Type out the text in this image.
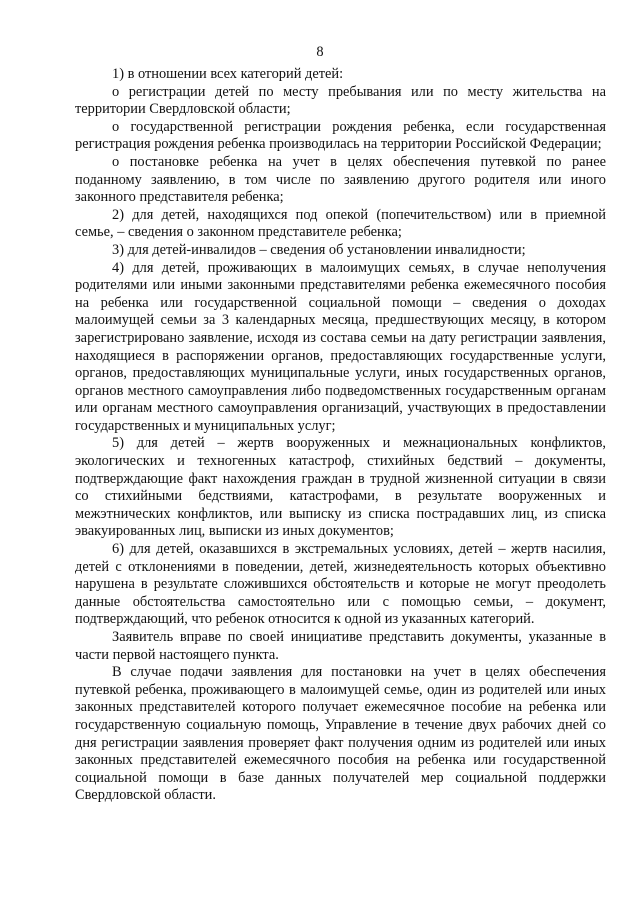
8

1) в отношении всех категорий детей:

о регистрации детей по месту пребывания или по месту жительства на территории Свердловской области;

о государственной регистрации рождения ребенка, если государственная регистрация рождения ребенка производилась на территории Российской Федерации;

о постановке ребенка на учет в целях обеспечения путевкой по ранее поданному заявлению, в том числе по заявлению другого родителя или иного законного представителя ребенка;

2) для детей, находящихся под опекой (попечительством) или в приемной семье, – сведения о законном представителе ребенка;

3) для детей-инвалидов – сведения об установлении инвалидности;

4) для детей, проживающих в малоимущих семьях, в случае неполучения родителями или иными законными представителями ребенка ежемесячного пособия на ребенка или государственной социальной помощи – сведения о доходах малоимущей семьи за 3 календарных месяца, предшествующих месяцу, в котором зарегистрировано заявление, исходя из состава семьи на дату регистрации заявления, находящиеся в распоряжении органов, предоставляющих государственные услуги, органов, предоставляющих муниципальные услуги, иных государственных органов, органов местного самоуправления либо подведомственных государственным органам или органам местного самоуправления организаций, участвующих в предоставлении государственных и муниципальных услуг;

5) для детей – жертв вооруженных и межнациональных конфликтов, экологических и техногенных катастроф, стихийных бедствий – документы, подтверждающие факт нахождения граждан в трудной жизненной ситуации в связи со стихийными бедствиями, катастрофами, в результате вооруженных и межэтнических конфликтов, или выписку из списка пострадавших лиц, из списка эвакуированных лиц, выписки из иных документов;

6) для детей, оказавшихся в экстремальных условиях, детей – жертв насилия, детей с отклонениями в поведении, детей, жизнедеятельность которых объективно нарушена в результате сложившихся обстоятельств и которые не могут преодолеть данные обстоятельства самостоятельно или с помощью семьи, – документ, подтверждающий, что ребенок относится к одной из указанных категорий.

Заявитель вправе по своей инициативе представить документы, указанные в части первой настоящего пункта.

В случае подачи заявления для постановки на учет в целях обеспечения путевкой ребенка, проживающего в малоимущей семье, один из родителей или иных законных представителей которого получает ежемесячное пособие на ребенка или государственную социальную помощь, Управление в течение двух рабочих дней со дня регистрации заявления проверяет факт получения одним из родителей или иных законных представителей ежемесячного пособия на ребенка или государственной социальной помощи в базе данных получателей мер социальной поддержки Свердловской области.
